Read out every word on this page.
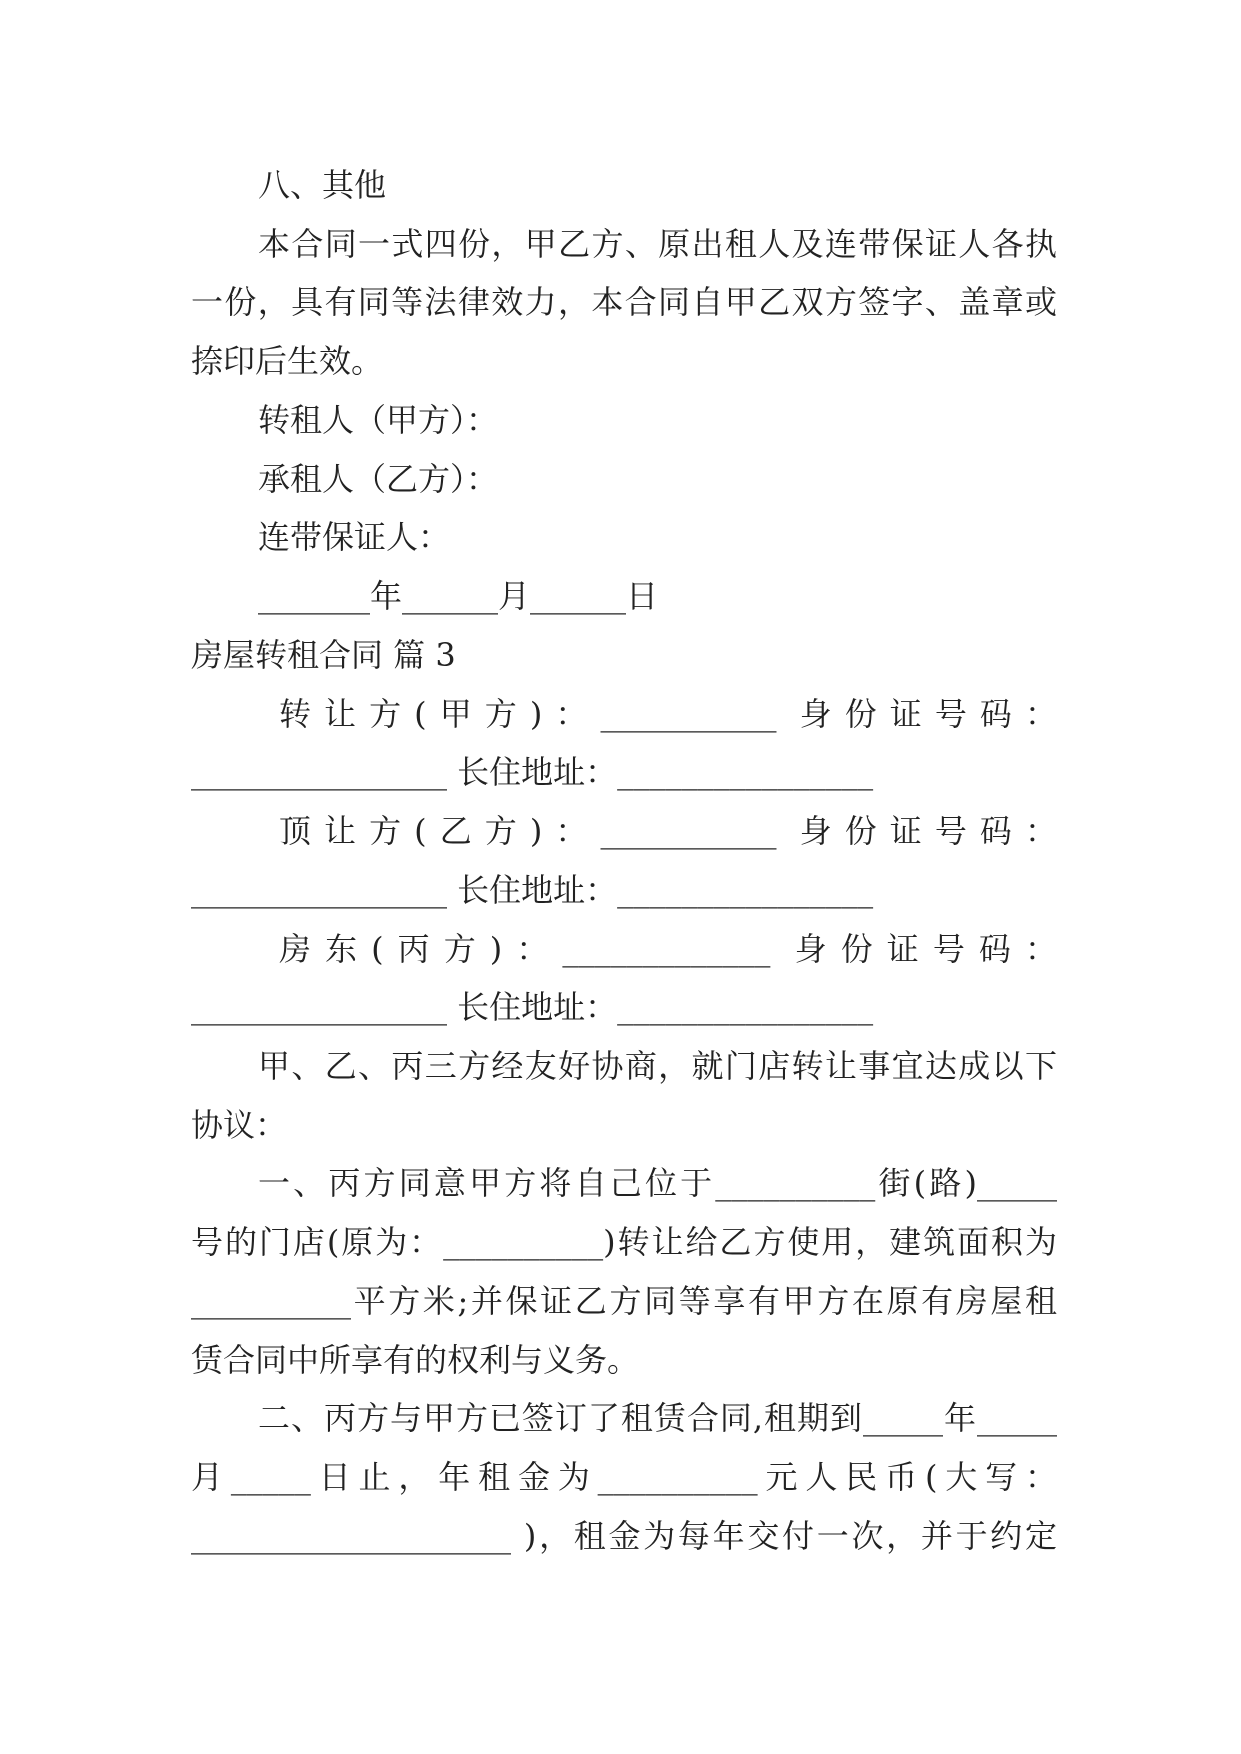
八、其他
本合同一式四份，甲乙方、原出租人及连带保证人各执
一份，具有同等法律效力，本合同自甲乙双方签字、盖章或
捺印后生效。
转租人（甲方）：
承租人（乙方）：
连带保证人：
_______年______月______日
房屋转租合同 篇 3
转让方(甲方)：___________ 身份证号码：
________________ 长住地址：________________
顶让方(乙方)：___________ 身份证号码：
________________ 长住地址：________________
房东(丙方)：_____________ 身份证号码：
________________ 长住地址：________________
甲、乙、丙三方经友好协商，就门店转让事宜达成以下
协议：
一、丙方同意甲方将自己位于__________街(路)_____
号的门店(原为：__________)转让给乙方使用，建筑面积为
__________平方米;并保证乙方同等享有甲方在原有房屋租
赁合同中所享有的权利与义务。
二、丙方与甲方已签订了租赁合同,租期到_____年_____
月_____日止，年租金为__________元人民币(大写：
____________________ )，租金为每年交付一次，并于约定
